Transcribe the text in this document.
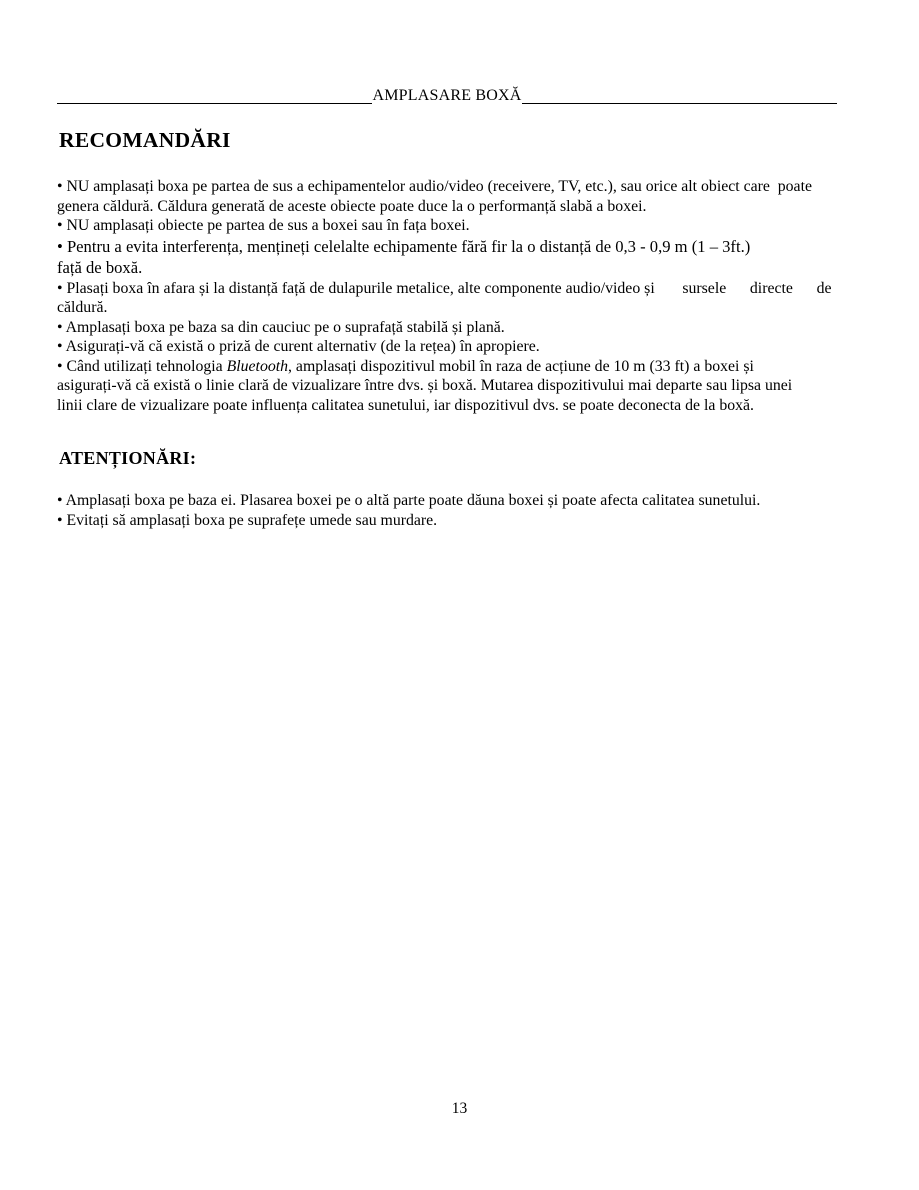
AMPLASARE BOXĂ
RECOMANDĂRI
• NU amplasați boxa pe partea de sus a echipamentelor audio/video (receivere, TV, etc.), sau orice alt obiect care  poate
genera căldură. Căldura generată de aceste obiecte poate duce la o performanță slabă a boxei.
• NU amplasați obiecte pe partea de sus a boxei sau în fața boxei.
• Pentru a evita interferența, mențineți celelalte echipamente fără fir la o distanță de 0,3 - 0,9 m (1 – 3ft.)
față de boxă.
• Plasați boxa în afara și la distanță față de dulapurile metalice, alte componente audio/video și       sursele      directe      de
căldură.
• Amplasați boxa pe baza sa din cauciuc pe o suprafață stabilă și plană.
• Asigurați-vă că există o priză de curent alternativ (de la rețea) în apropiere.
• Când utilizați tehnologia Bluetooth, amplasați dispozitivul mobil în raza de acțiune de 10 m (33 ft) a boxei și
asigurați-vă că există o linie clară de vizualizare între dvs. și boxă. Mutarea dispozitivului mai departe sau lipsa unei
linii clare de vizualizare poate influența calitatea sunetului, iar dispozitivul dvs. se poate deconecta de la boxă.
ATENȚIONĂRI:
• Amplasați boxa pe baza ei. Plasarea boxei pe o altă parte poate dăuna boxei și poate afecta calitatea sunetului.
• Evitați să amplasați boxa pe suprafețe umede sau murdare.
13
